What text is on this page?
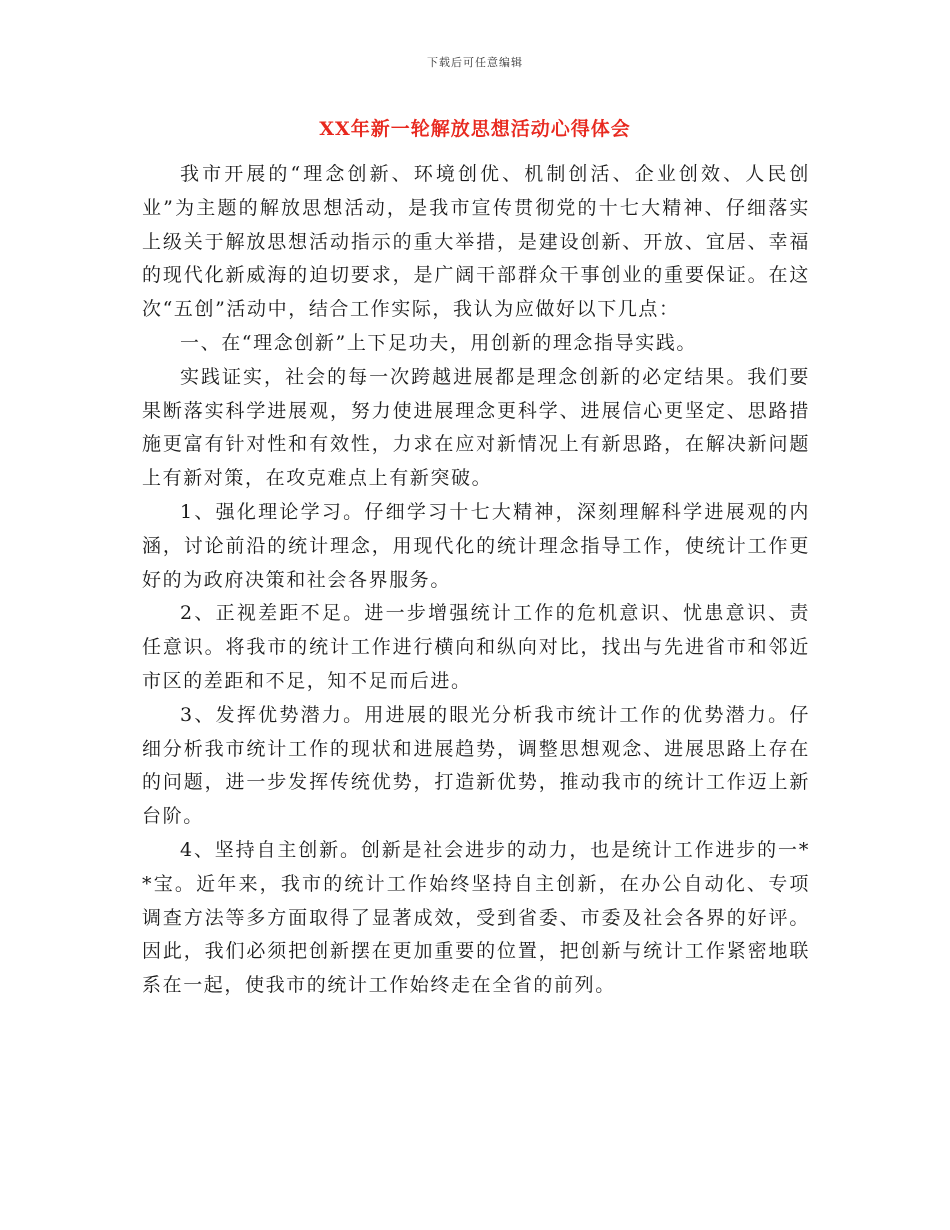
下载后可任意编辑
XX年新一轮解放思想活动心得体会

我市开展的“理念创新、环境创优、机制创活、企业创效、人民创业”为主题的解放思想活动，是我市宣传贯彻党的十七大精神、仔细落实上级关于解放思想活动指示的重大举措，是建设创新、开放、宜居、幸福的现代化新威海的迫切要求，是广阔干部群众干事创业的重要保证。在这次“五创”活动中，结合工作实际，我认为应做好以下几点：

一、在“理念创新”上下足功夫，用创新的理念指导实践。

实践证实，社会的每一次跨越进展都是理念创新的必定结果。我们要果断落实科学进展观，努力使进展理念更科学、进展信心更坚定、思路措施更富有针对性和有效性，力求在应对新情况上有新思路，在解决新问题上有新对策，在攻克难点上有新突破。

1、强化理论学习。仔细学习十七大精神，深刻理解科学进展观的内涵，讨论前沿的统计理念，用现代化的统计理念指导工作，使统计工作更好的为政府决策和社会各界服务。

2、正视差距不足。进一步增强统计工作的危机意识、忧患意识、责任意识。将我市的统计工作进行横向和纵向对比，找出与先进省市和邻近市区的差距和不足，知不足而后进。

3、发挥优势潜力。用进展的眼光分析我市统计工作的优势潜力。仔细分析我市统计工作的现状和进展趋势，调整思想观念、进展思路上存在的问题，进一步发挥传统优势，打造新优势，推动我市的统计工作迈上新台阶。

4、坚持自主创新。创新是社会进步的动力，也是统计工作进步的一**宝。近年来，我市的统计工作始终坚持自主创新，在办公自动化、专项调查方法等多方面取得了显著成效，受到省委、市委及社会各界的好评。因此，我们必须把创新摆在更加重要的位置，把创新与统计工作紧密地联系在一起，使我市的统计工作始终走在全省的前列。
